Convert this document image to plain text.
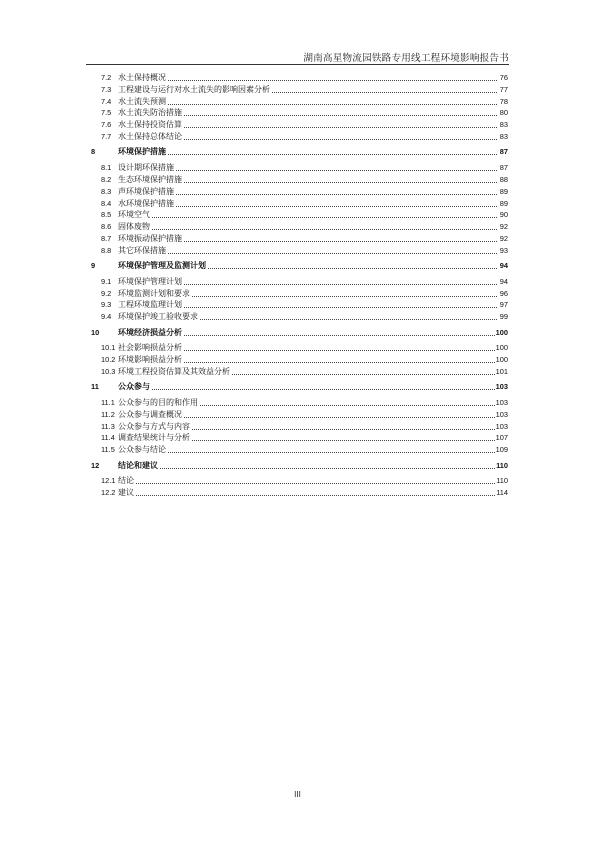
湖南高星物流园铁路专用线工程环境影响报告书
7.2 水土保持概况	76
7.3 工程建设与运行对水土流失的影响因素分析	77
7.4 水土流失预测	78
7.5 水土流失防治措施	80
7.6 水土保持投资估算	83
7.7 水土保持总体结论	83
8	环境保护措施	87
8.1 设计期环保措施	87
8.2 生态环境保护措施	88
8.3 声环境保护措施	89
8.4 水环境保护措施	89
8.5 环境空气	90
8.6 固体废物	92
8.7 环境振动保护措施	92
8.8 其它环保措施	93
9	环境保护管理及监测计划	94
9.1 环境保护管理计划	94
9.2 环境监测计划和要求	96
9.3 工程环境监理计划	97
9.4 环境保护竣工验收要求	99
10	环境经济损益分析	100
10.1 社会影响损益分析	100
10.2 环境影响损益分析	100
10.3 环境工程投资估算及其效益分析	101
11	公众参与	103
11.1 公众参与的目的和作用	103
11.2 公众参与调查概况	103
11.3 公众参与方式与内容	103
11.4 调查结果统计与分析	107
11.5 公众参与结论	109
12	结论和建议	110
12.1 结论	110
12.2 建议	114
III
